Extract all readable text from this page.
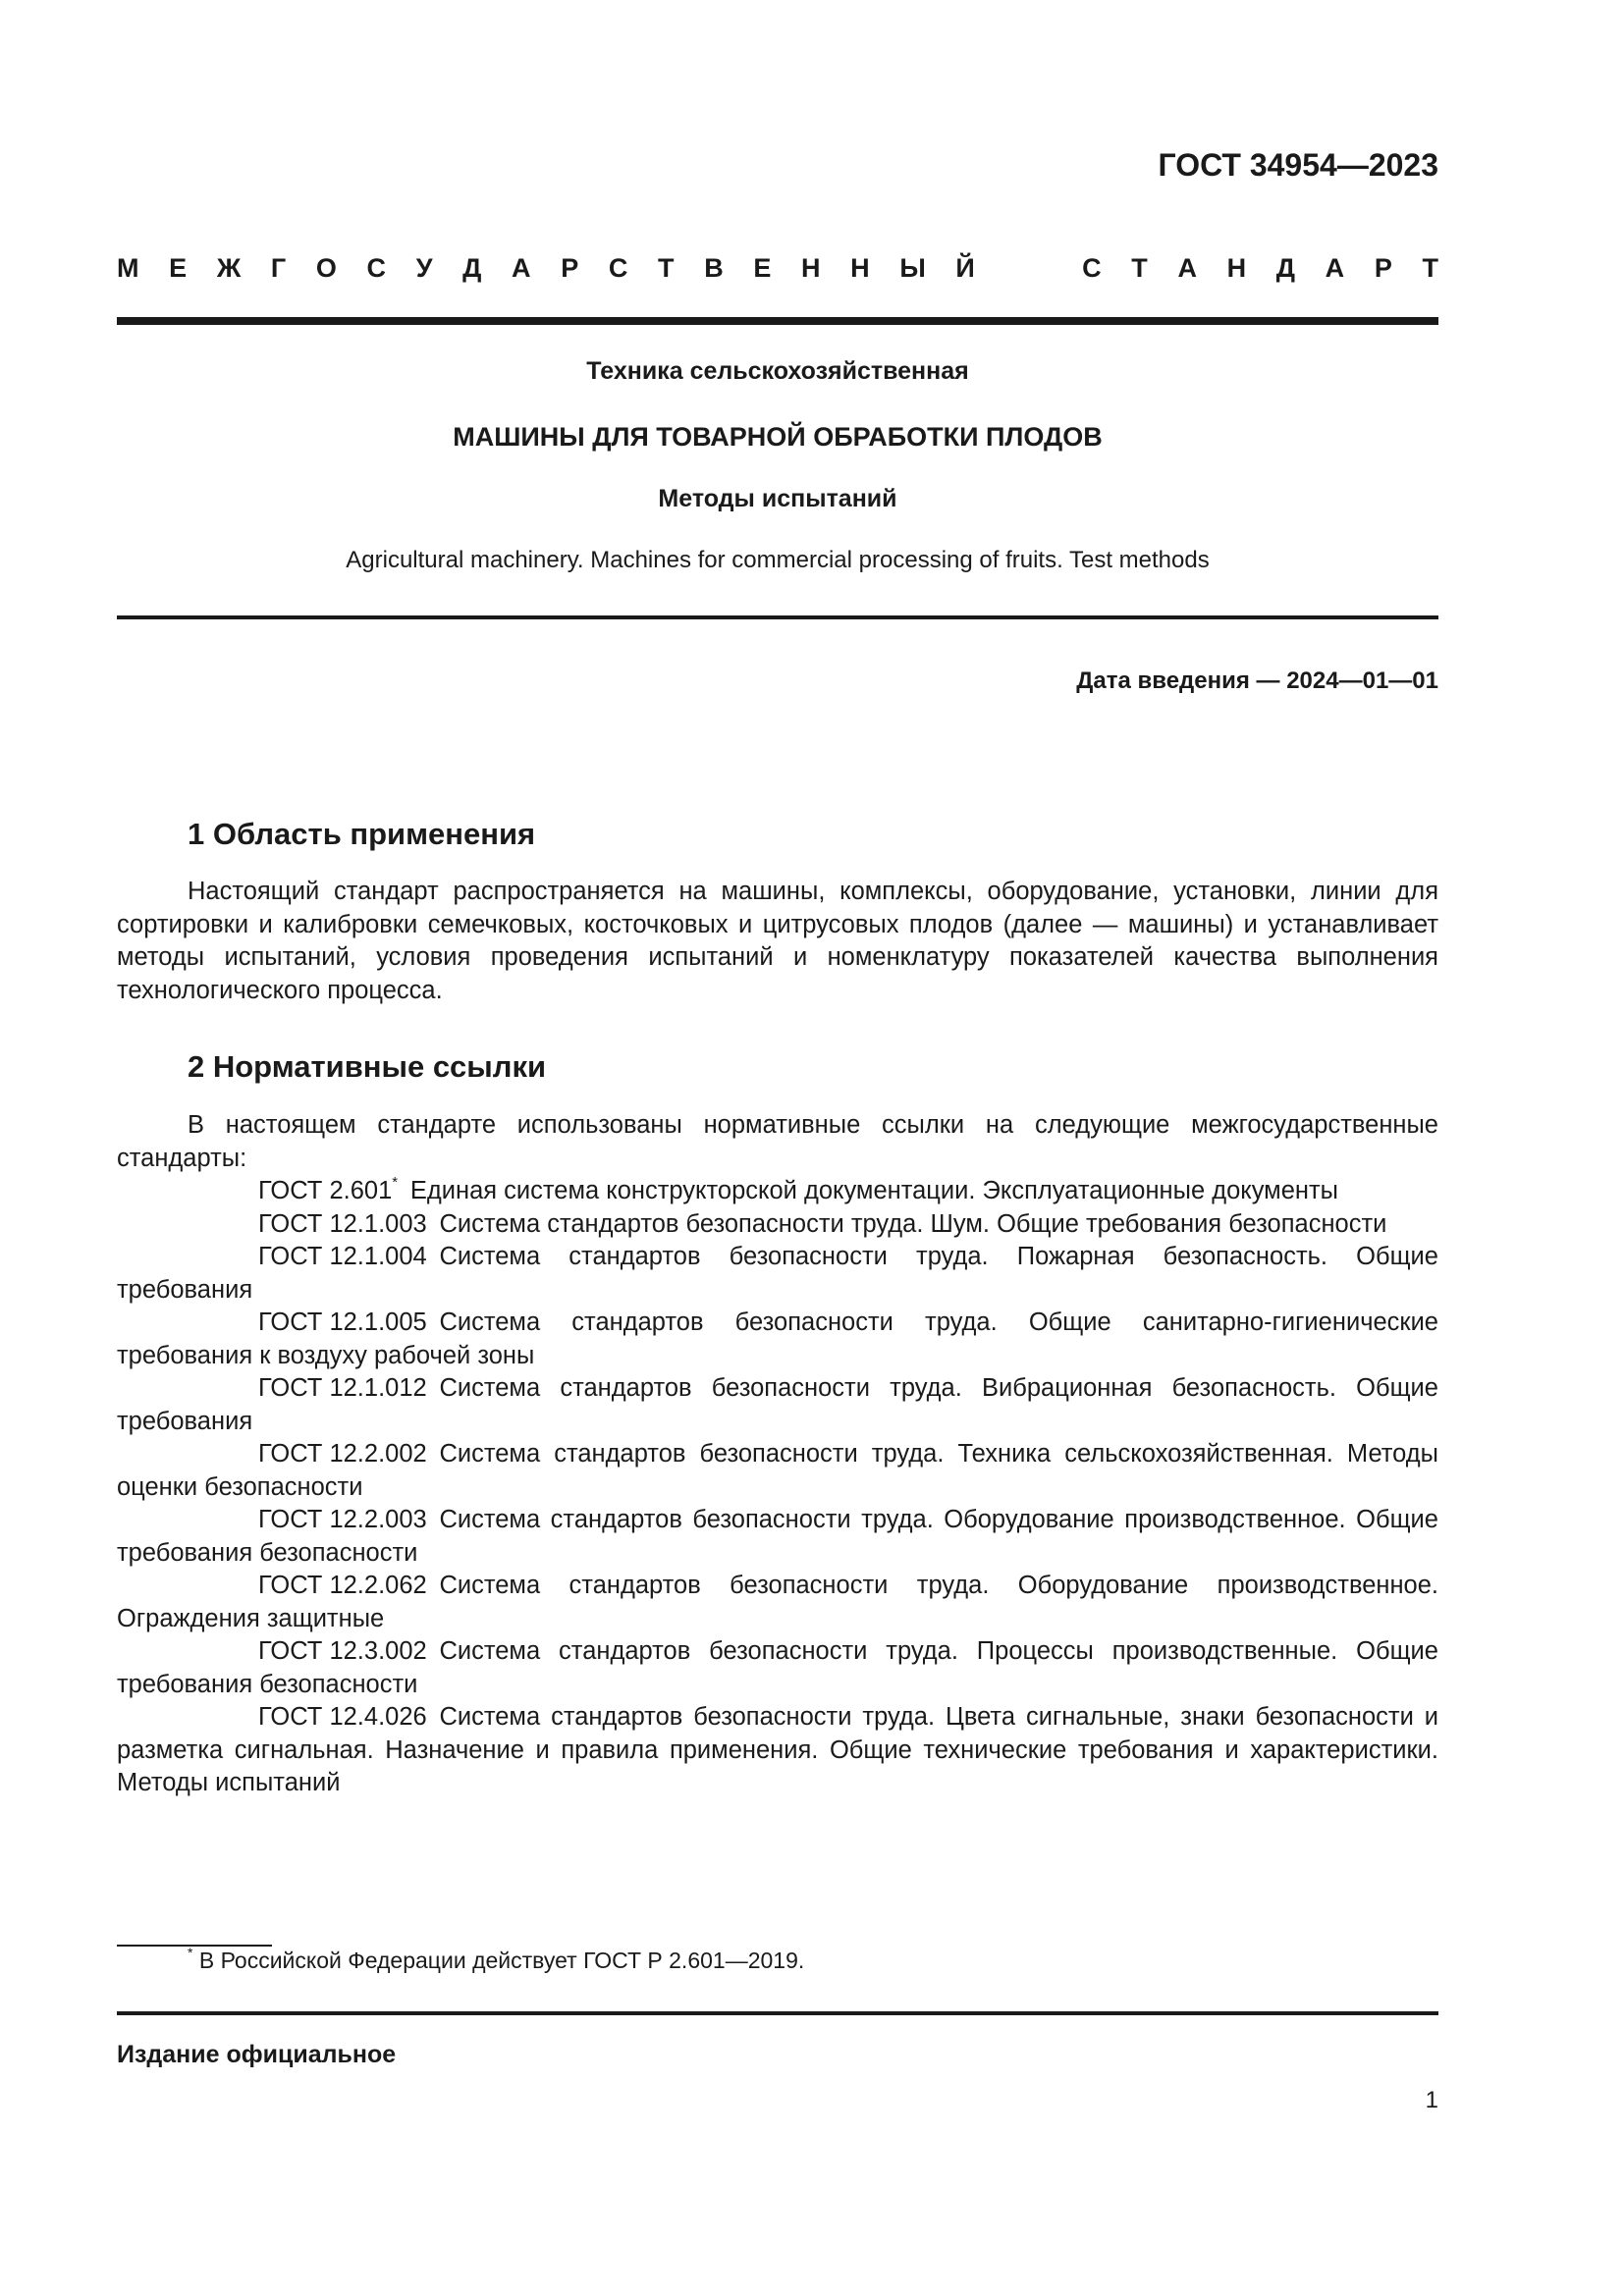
ГОСТ 34954—2023
М Е Ж Г О С У Д А Р С Т В Е Н Н Ы Й	С Т А Н Д А Р Т
Техника сельскохозяйственная
МАШИНЫ ДЛЯ ТОВАРНОЙ ОБРАБОТКИ ПЛОДОВ
Методы испытаний
Agricultural machinery. Machines for commercial processing of fruits. Test methods
Дата введения — 2024—01—01
1 Область применения

Настоящий стандарт распространяется на машины, комплексы, оборудование, установки, линии для сортировки и калибровки семечковых, косточковых и цитрусовых плодов (далее — машины) и устанавливает методы испытаний, условия проведения испытаний и номенклатуру показателей качества выполнения технологического процесса.

2 Нормативные ссылки

В настоящем стандарте использованы нормативные ссылки на следующие межгосударственные стандарты:

ГОСТ 2.601*  Единая система конструкторской документации. Эксплуатационные документы

ГОСТ 12.1.003  Система стандартов безопасности труда. Шум. Общие требования безопасности

ГОСТ 12.1.004  Система стандартов безопасности труда. Пожарная безопасность. Общие требования

ГОСТ 12.1.005  Система стандартов безопасности труда. Общие санитарно-гигиенические требования к воздуху рабочей зоны

ГОСТ 12.1.012  Система стандартов безопасности труда. Вибрационная безопасность. Общие требования

ГОСТ 12.2.002  Система стандартов безопасности труда. Техника сельскохозяйственная. Методы оценки безопасности

ГОСТ 12.2.003  Система стандартов безопасности труда. Оборудование производственное. Общие требования безопасности

ГОСТ 12.2.062  Система стандартов безопасности труда. Оборудование производственное. Ограждения защитные

ГОСТ 12.3.002  Система стандартов безопасности труда. Процессы производственные. Общие требования безопасности

ГОСТ 12.4.026  Система стандартов безопасности труда. Цвета сигнальные, знаки безопасности и разметка сигнальная. Назначение и правила применения. Общие технические требования и характеристики. Методы испытаний

* В Российской Федерации действует ГОСТ Р 2.601—2019.
Издание официальное
1
